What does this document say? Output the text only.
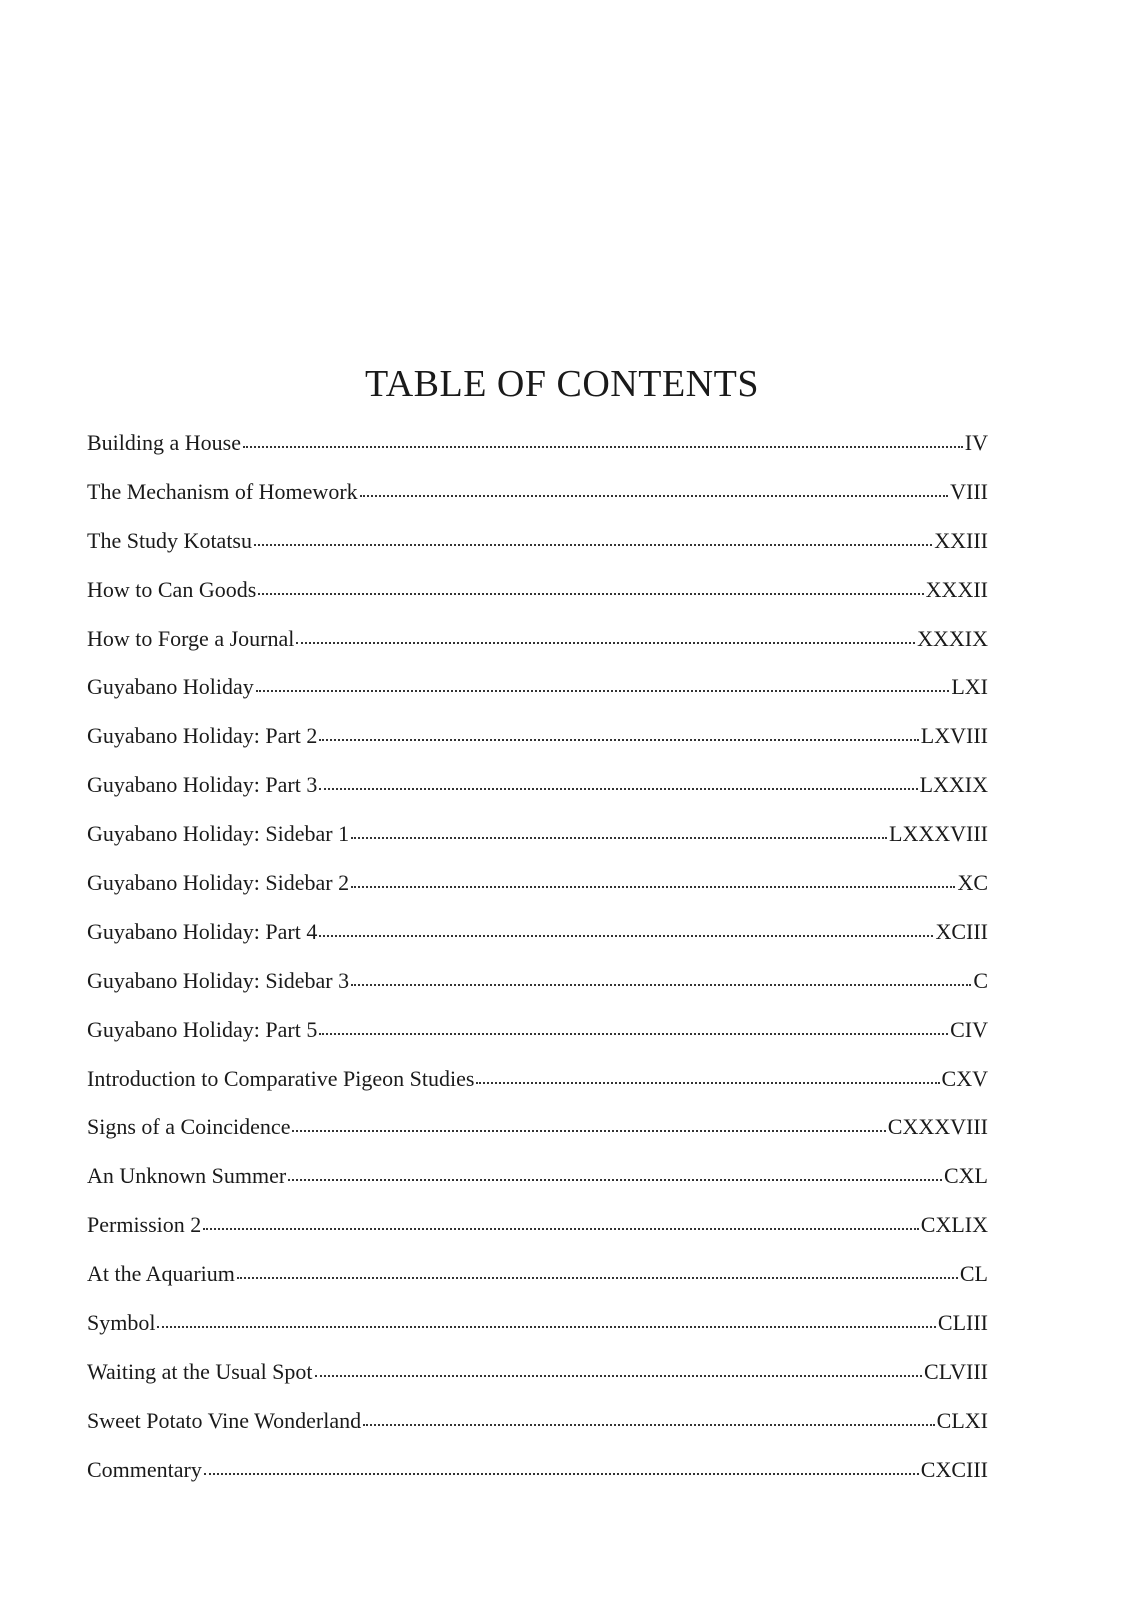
TABLE OF CONTENTS
Building a House	IV
The Mechanism of Homework	VIII
The Study Kotatsu	XXIII
How to Can Goods	XXXII
How to Forge a Journal	XXXIX
Guyabano Holiday	LXI
Guyabano Holiday: Part 2	LXVIII
Guyabano Holiday: Part 3	LXXIX
Guyabano Holiday: Sidebar 1	LXXXVIII
Guyabano Holiday: Sidebar 2	XC
Guyabano Holiday: Part 4	XCIII
Guyabano Holiday: Sidebar 3	C
Guyabano Holiday: Part 5	CIV
Introduction to Comparative Pigeon Studies	CXV
Signs of a Coincidence	CXXXVIII
An Unknown Summer	CXL
Permission 2	CXLIX
At the Aquarium	CL
Symbol	CLIII
Waiting at the Usual Spot	CLVIII
Sweet Potato Vine Wonderland	CLXI
Commentary	CXCIII
